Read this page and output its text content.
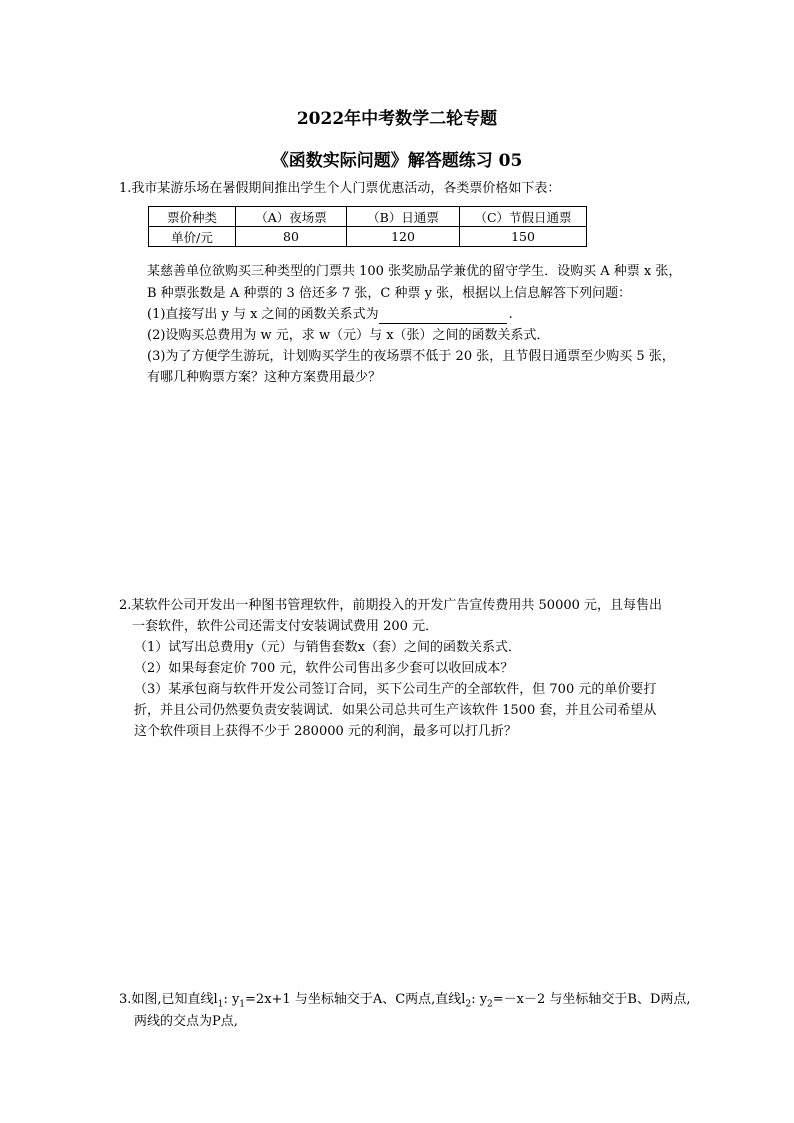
2022年中考数学二轮专题
《函数实际问题》解答题练习 05
1.我市某游乐场在暑假期间推出学生个人门票优惠活动，各类票价格如下表：
票价种类	（A）夜场票	（B）日通票	（C）节假日通票
单价/元	80	120	150
某慈善单位欲购买三种类型的门票共 100 张奖励品学兼优的留守学生．设购买 A 种票 x 张，
B 种票张数是 A 种票的 3 倍还多 7 张，C 种票 y 张，根据以上信息解答下列问题：
(1)直接写出 y 与 x 之间的函数关系式为	.
(2)设购买总费用为 w 元，求 w（元）与 x（张）之间的函数关系式．
(3)为了方便学生游玩，计划购买学生的夜场票不低于 20 张，且节假日通票至少购买 5 张，
有哪几种购票方案？这种方案费用最少？
2.某软件公司开发出一种图书管理软件，前期投入的开发广告宣传费用共 50000 元，且每售出
一套软件，软件公司还需支付安装调试费用 200 元．
（1）试写出总费用y（元）与销售套数x（套）之间的函数关系式．
（2）如果每套定价 700 元，软件公司售出多少套可以收回成本？
（3）某承包商与软件开发公司签订合同，买下公司生产的全部软件，但 700 元的单价要打
折，并且公司仍然要负责安装调试．如果公司总共可生产该软件 1500 套，并且公司希望从
这个软件项目上获得不少于 280000 元的利润，最多可以打几折？
3.如图,已知直线$l_1$: $y_1=2x+1$ 与坐标轴交于A、C两点,直线$l_2$: $y_2=-x-2$ 与坐标轴交于B、D两点,
两线的交点为P点,
